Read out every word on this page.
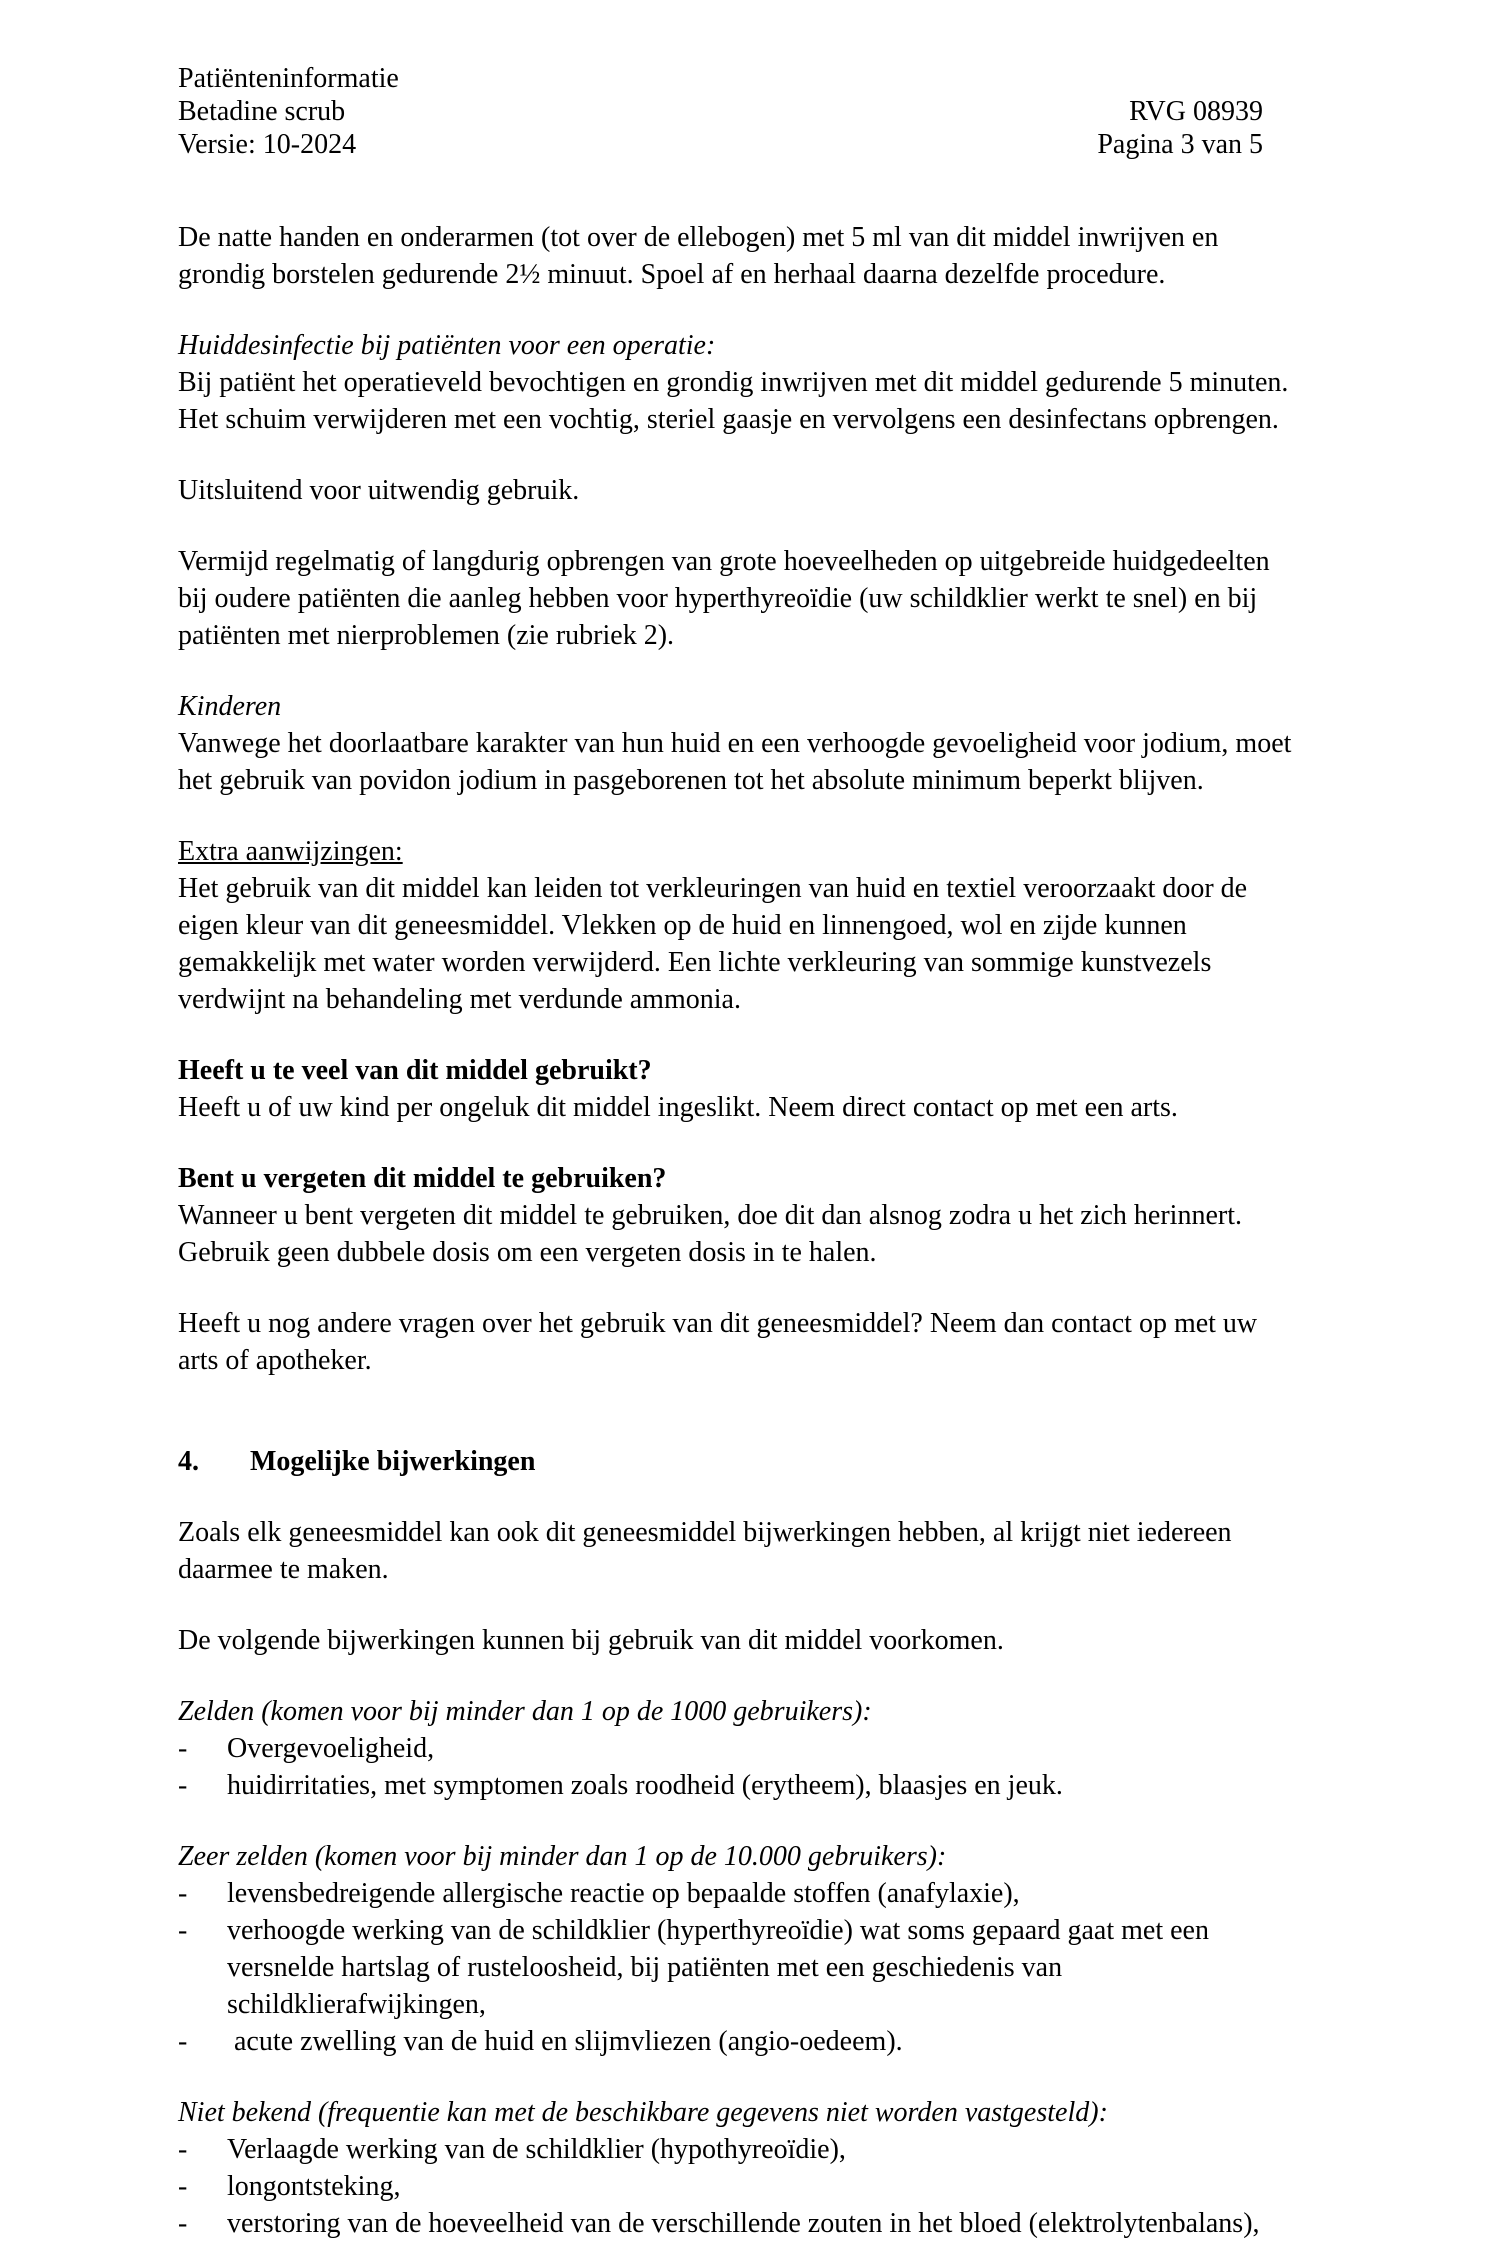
Patiënteninformatie
Betadine scrub
Versie: 10-2024
RVG 08939
Pagina 3 van 5
De natte handen en onderarmen (tot over de ellebogen) met 5 ml van dit middel inwrijven en grondig borstelen gedurende 2½ minuut. Spoel af en herhaal daarna dezelfde procedure.
Huiddesinfectie bij patiënten voor een operatie:
Bij patiënt het operatieveld bevochtigen en grondig inwrijven met dit middel gedurende 5 minuten. Het schuim verwijderen met een vochtig, steriel gaasje en vervolgens een desinfectans opbrengen.
Uitsluitend voor uitwendig gebruik.
Vermijd regelmatig of langdurig opbrengen van grote hoeveelheden op uitgebreide huidgedeelten bij oudere patiënten die aanleg hebben voor hyperthyreoïdie (uw schildklier werkt te snel) en bij patiënten met nierproblemen (zie rubriek 2).
Kinderen
Vanwege het doorlaatbare karakter van hun huid en een verhoogde gevoeligheid voor jodium, moet het gebruik van povidon jodium in pasgeborenen tot het absolute minimum beperkt blijven.
Extra aanwijzingen:
Het gebruik van dit middel kan leiden tot verkleuringen van huid en textiel veroorzaakt door de eigen kleur van dit geneesmiddel. Vlekken op de huid en linnengoed, wol en zijde kunnen gemakkelijk met water worden verwijderd. Een lichte verkleuring van sommige kunstvezels verdwijnt na behandeling met verdunde ammonia.
Heeft u te veel van dit middel gebruikt?
Heeft u of uw kind per ongeluk dit middel ingeslikt. Neem direct contact op met een arts.
Bent u vergeten dit middel te gebruiken?
Wanneer u bent vergeten dit middel te gebruiken, doe dit dan alsnog zodra u het zich herinnert. Gebruik geen dubbele dosis om een vergeten dosis in te halen.
Heeft u nog andere vragen over het gebruik van dit geneesmiddel? Neem dan contact op met uw arts of apotheker.
4. Mogelijke bijwerkingen
Zoals elk geneesmiddel kan ook dit geneesmiddel bijwerkingen hebben, al krijgt niet iedereen daarmee te maken.
De volgende bijwerkingen kunnen bij gebruik van dit middel voorkomen.
Zelden (komen voor bij minder dan 1 op de 1000 gebruikers):
-	Overgevoeligheid,
-	huidirritaties, met symptomen zoals roodheid (erytheem), blaasjes en jeuk.
Zeer zelden (komen voor bij minder dan 1 op de 10.000 gebruikers):
-	levensbedreigende allergische reactie op bepaalde stoffen (anafylaxie),
-	verhoogde werking van de schildklier (hyperthyreoïdie) wat soms gepaard gaat met een versnelde hartslag of rusteloosheid, bij patiënten met een geschiedenis van schildklierafwijkingen,
-	acute zwelling van de huid en slijmvliezen (angio-oedeem).
Niet bekend (frequentie kan met de beschikbare gegevens niet worden vastgesteld):
-	Verlaagde werking van de schildklier (hypothyreoïdie),
-	longontsteking,
-	verstoring van de hoeveelheid van de verschillende zouten in het bloed (elektrolytenbalans),
